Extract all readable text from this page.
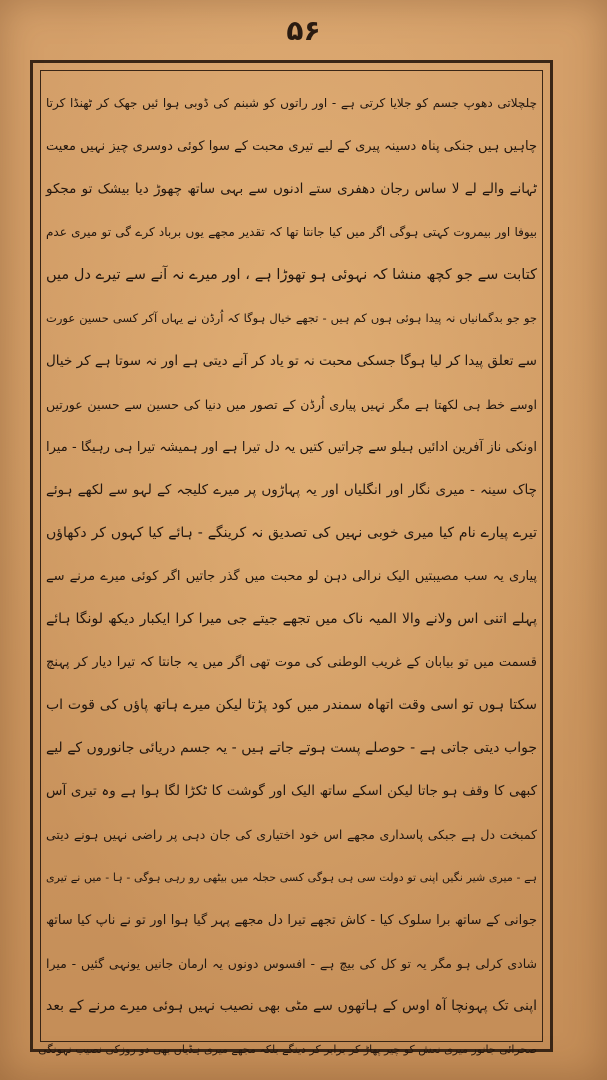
۵۶
چلچلاتی دھوپ جسم کو جلایا کرتی ہے - اور راتوں کو شبنم کی ڈوبی ہوا ئیں جھک کر ٹھنڈا کرتا
چاہیں ہیں جنکی پناہ دسینہ پیری کے لیے تیری محبت کے سوا کوئی دوسری چیز نہیں معیت
ٹہانے والے لے لا ساس رجان دھفری ستے ادنوں سے بہی ساتھ چھوڑ دیا بیشک تو مجکو
بیوفا اور بیمروت کہتی ہوگی اگر میں کیا جانتا تھا کہ تقدیر مجھے یوں برباد کرے گی تو میری عدم
کتابت سے جو کچھ منشا کہ نہوئی ہو تھوڑا ہے ، اور میرے نہ آنے سے تیرے دل میں
جو جو بدگمانیاں نہ پیدا ہوئی ہوں کم ہیں - تجھے خیال ہوگا کہ اُرڈن نے یہاں آکر کسی حسین عورت
سے تعلق پیدا کر لیا ہوگا جسکی محبت نہ تو یاد کر آنے دیتی ہے اور نہ سوتا ہے کر خیال
اوسے خط ہی لکھتا ہے مگر نہیں پیاری اُرڈن کے تصور میں دنیا کی حسین سے حسین عورتیں
اونکی ناز آفرین ادائیں ہیلو سے چراتیں کتیں یہ دل تیرا ہے اور ہمیشہ تیرا ہی رہیگا - میرا
چاک سینہ - میری نگار اور انگلیاں اور یہ پہاڑوں پر میرے کلیجہ کے لہو سے لکھے ہوئے
تیرے پیارے نام کیا میری خوبی نہیں کی تصدیق نہ کرینگے - ہائے کیا کہوں کر دکھاؤں
پیاری یہ سب مصیبتیں الیک نرالی دہن لو محبت میں گذر جاتیں اگر کوئی میرے مرنے سے
پہلے اتنی اس ولانے والا المیہ ناک میں تجھے جیتے جی میرا کرا ایکبار دیکھ لونگا ہائے
قسمت میں تو بیابان کے غریب الوطنی کی موت تھی اگر میں یہ جانتا کہ تیرا دیار کر پہنچ
سکتا ہوں تو اسی وقت اتھاہ سمندر میں کود پڑتا لیکن میرے ہاتھ پاؤں کی قوت اب
جواب دیتی جاتی ہے - حوصلے پست ہوتے جاتے ہیں - یہ جسم دریائی جانوروں کے لیے
کبھی کا وقف ہو جاتا لیکن اسکے ساتھ الیک اور گوشت کا ٹکڑا لگا ہوا ہے وہ تیری آس
کمبخت دل ہے جبکی پاسداری مجھے اس خود اختیاری کی جان دہی پر راضی نہیں ہونے دیتی
ہے - میری شیر نگیں اپنی تو دولت سی ہی ہوگی کسی حجلہ میں بیٹھی رو رہی ہوگی - ہا - میں نے تیری
جوانی کے ساتھ برا سلوک کیا - کاش تجھے تیرا دل مجھے پہر گیا ہوا اور تو نے ناپ کیا ساتھ
شادی کرلی ہو مگر یہ تو کل کی بیچ ہے - افسوس دونوں یہ ارمان جانیں یونہی گئیں - میرا
اپنی تک پہونچا آہ اوس کے ہاتھوں سے مٹی بھی نصیب نہیں ہوئی میرے مرنے کے بعد
صحرائی جانور میری نعش کو چیر پھاڑ کر برابر کر دینگے بلکہ مجھے میری ہڈیاں بھی دو روزکی نصیب نہونگی
